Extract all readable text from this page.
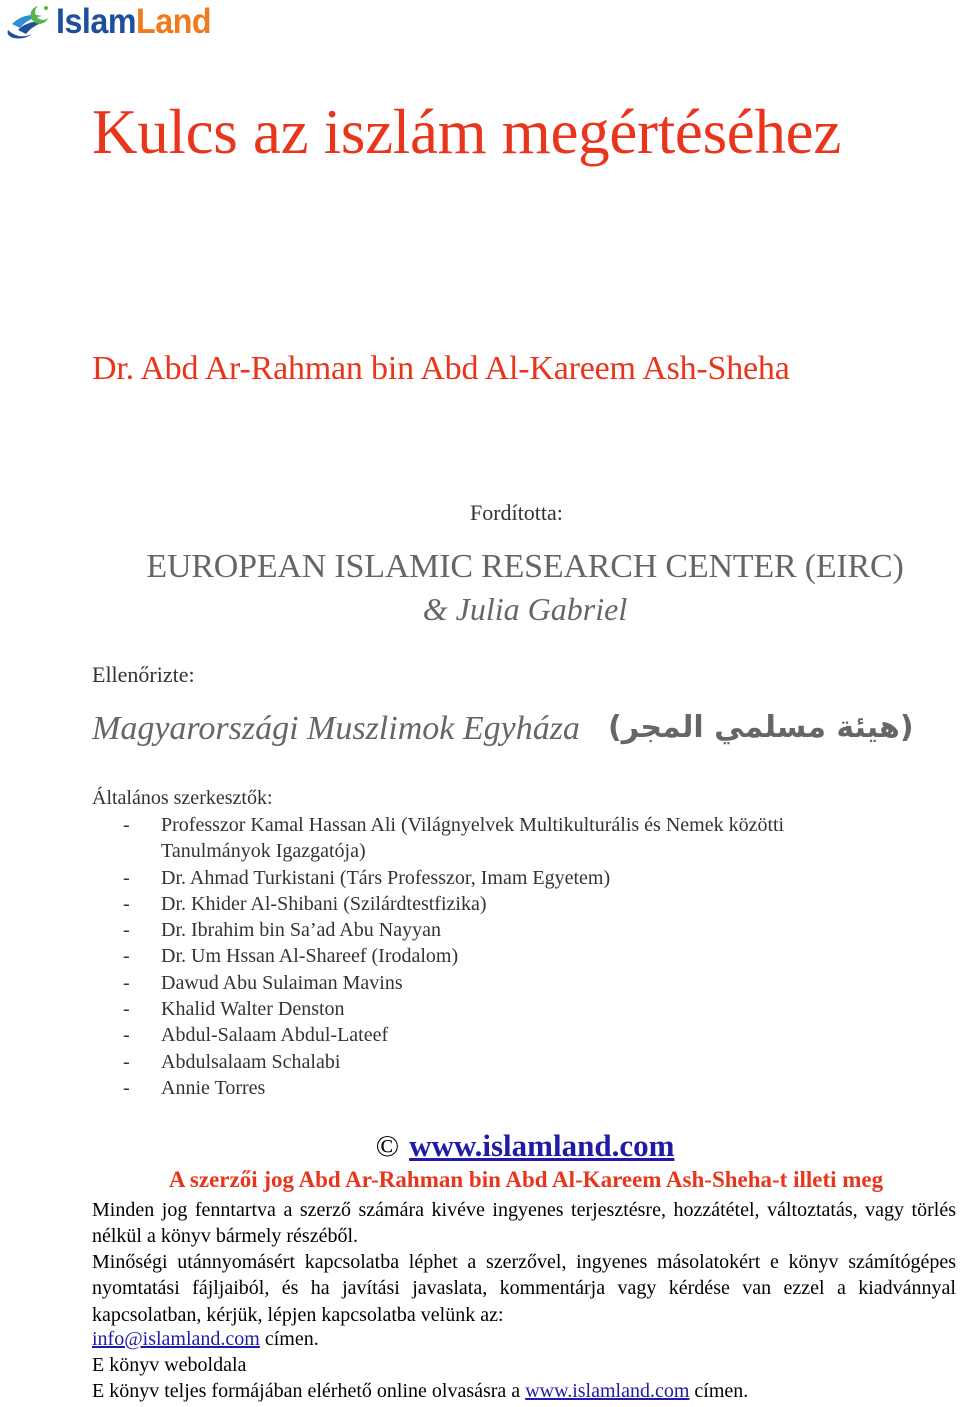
IslamLand
Kulcs az iszlám megértéséhez
Dr. Abd Ar-Rahman bin Abd Al-Kareem Ash-Sheha
Fordította:
EUROPEAN ISLAMIC RESEARCH CENTER (EIRC)
& Julia Gabriel
Ellenőrizte:
Magyarországi Muszlimok Egyháza (هيئة مسلمي المجر)
Általános szerkesztők:
- Professzor Kamal Hassan Ali (Világnyelvek Multikulturális és Nemek közötti Tanulmányok Igazgatója)
- Dr. Ahmad Turkistani (Társ Professzor, Imam Egyetem)
- Dr. Khider Al-Shibani (Szilárdtestfizika)
- Dr. Ibrahim bin Sa’ad Abu Nayyan
- Dr. Um Hssan Al-Shareef (Irodalom)
- Dawud Abu Sulaiman Mavins
- Khalid Walter Denston
- Abdul-Salaam Abdul-Lateef
- Abdulsalaam Schalabi
- Annie Torres
© www.islamland.com
A szerzői jog Abd Ar-Rahman bin Abd Al-Kareem Ash-Sheha-t illeti meg
Minden jog fenntartva a szerző számára kivéve ingyenes terjesztésre, hozzátétel, változtatás, vagy törlés nélkül a könyv bármely részéből.
Minőségi utánnyomásért kapcsolatba léphet a szerzővel, ingyenes másolatokért e könyv számítógépes nyomtatási fájljaiból, és ha javítási javaslata, kommentárja vagy kérdése van ezzel a kiadvánnyal kapcsolatban, kérjük, lépjen kapcsolatba velünk az:
info@islamland.com címen.
E könyv weboldala
E könyv teljes formájában elérhető online olvasásra a www.islamland.com címen.
